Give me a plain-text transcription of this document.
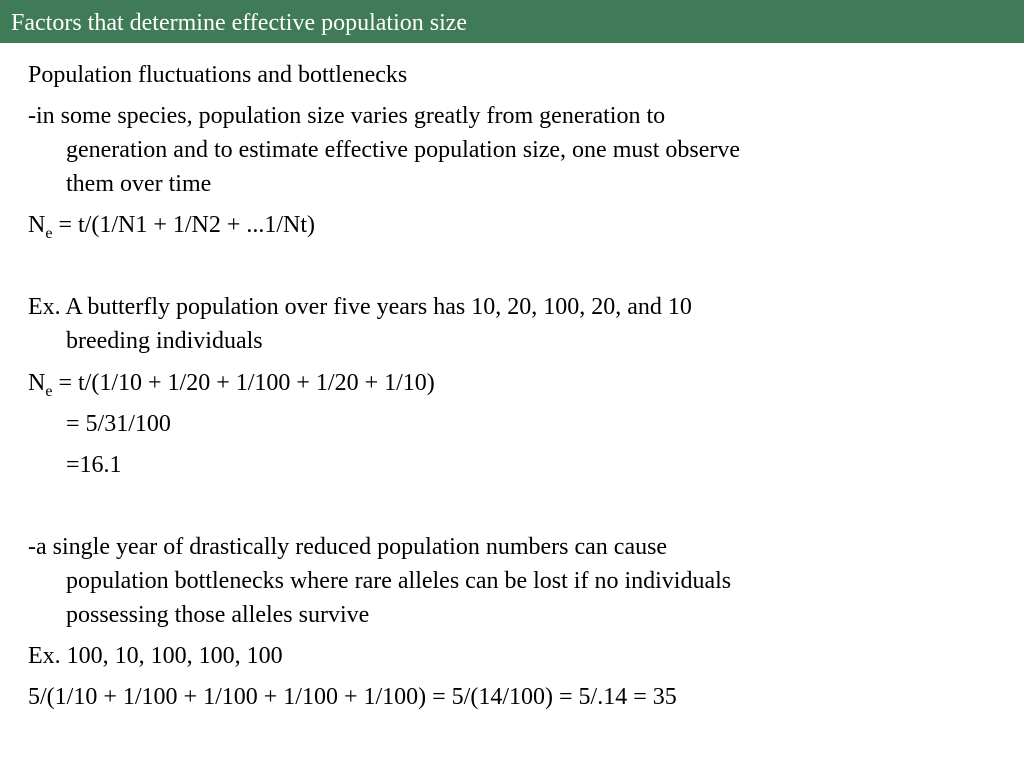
Factors that determine effective population size
Population fluctuations and bottlenecks
-in some species, population size varies greatly from generation to
generation and to estimate effective population size, one must observe
them over time
$N_e = t/(1/N1 + 1/N2 + ...1/Nt)$
Ex. A butterfly population over five years has 10, 20, 100, 20, and 10
breeding individuals
$N_e = t/(1/10 + 1/20 + 1/100 + 1/20 + 1/10)$
= 5/31/100
=16.1
-a single year of drastically reduced population numbers can cause
population bottlenecks where rare alleles can be lost if no individuals
possessing those alleles survive
Ex. 100, 10, 100, 100, 100
5/(1/10 + 1/100 + 1/100 + 1/100 + 1/100) = 5/(14/100) = 5/.14 = 35
